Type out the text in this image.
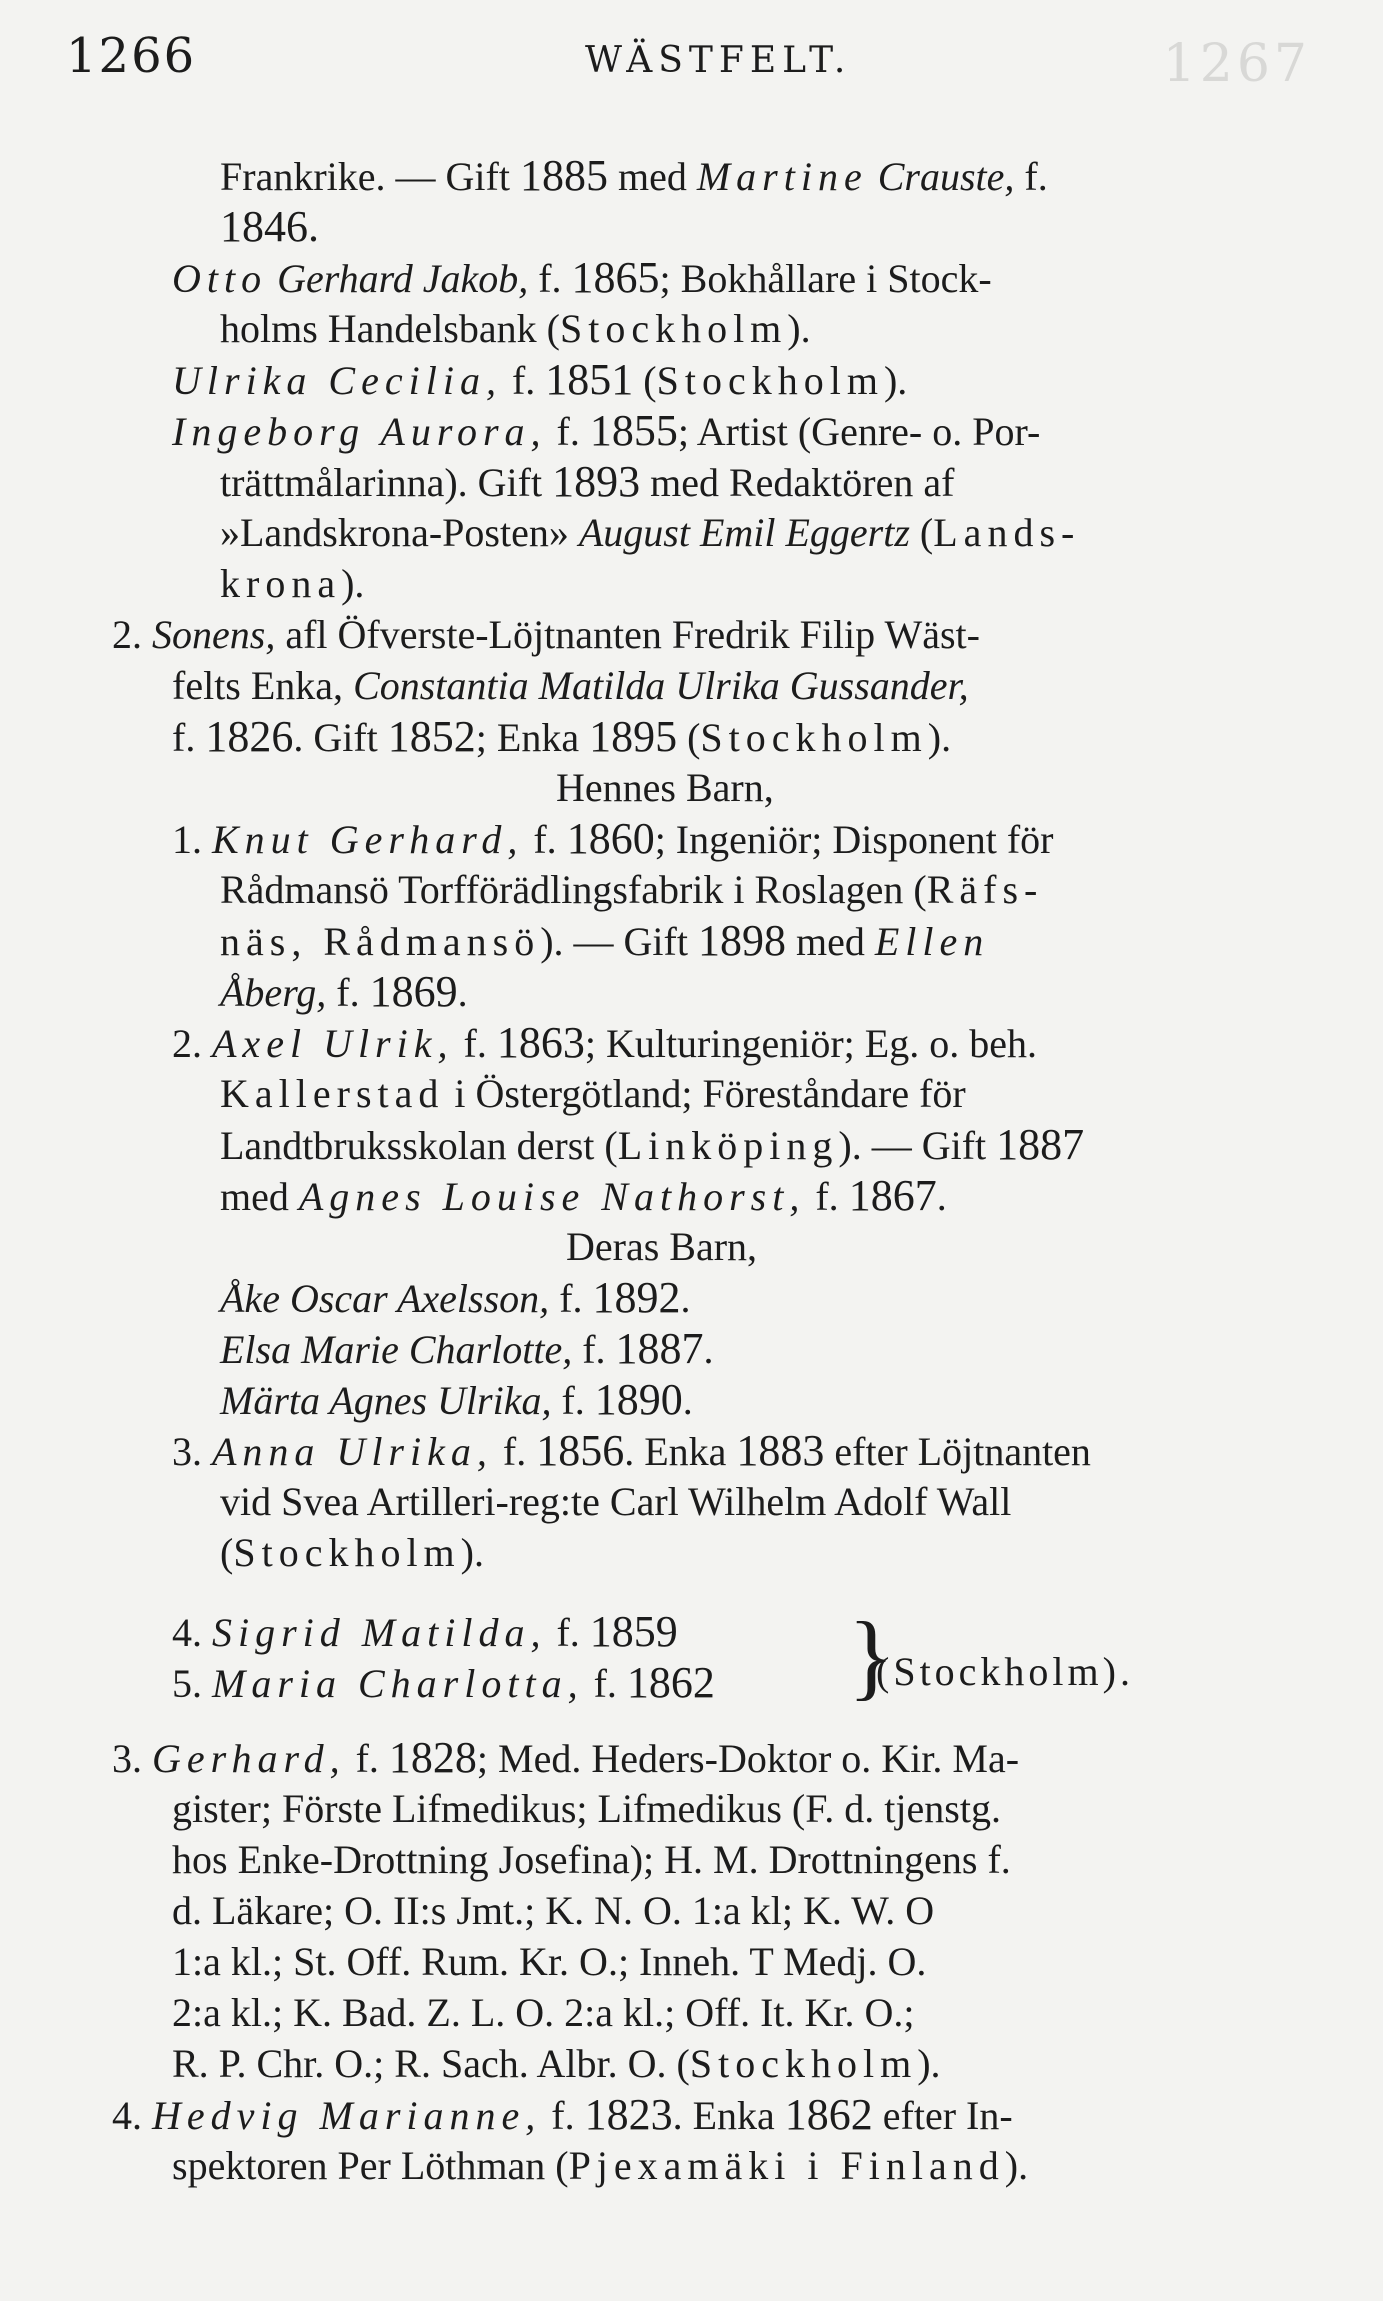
1267
1266	WÄSTFELT.
Frankrike. — Gift 1885 med Martine Crauste, f.
1846.
Otto Gerhard Jakob, f. 1865; Bokhållare i Stock-
holms Handelsbank (Stockholm).
Ulrika Cecilia, f. 1851 (Stockholm).
Ingeborg Aurora, f. 1855; Artist (Genre- o. Por-
trättmålarinna). Gift 1893 med Redaktören af
»Landskrona-Posten» August Emil Eggertz (Lands-
krona).
2. Sonens, afl Öfverste-Löjtnanten Fredrik Filip Wäst-
felts Enka, Constantia Matilda Ulrika Gussander,
f. 1826. Gift 1852; Enka 1895 (Stockholm).
Hennes Barn,
1. Knut Gerhard, f. 1860; Ingeniör; Disponent för
Rådmansö Torfförädlingsfabrik i Roslagen (Räfs-
näs, Rådmansö). — Gift 1898 med Ellen
Åberg, f. 1869.
2. Axel Ulrik, f. 1863; Kulturingeniör; Eg. o. beh.
Kallerstad i Östergötland; Föreståndare för
Landtbruksskolan derst (Linköping). — Gift 1887
med Agnes Louise Nathorst, f. 1867.
Deras Barn,
Åke Oscar Axelsson, f. 1892.
Elsa Marie Charlotte, f. 1887.
Märta Agnes Ulrika, f. 1890.
3. Anna Ulrika, f. 1856. Enka 1883 efter Löjtnanten
vid Svea Artilleri-reg:te Carl Wilhelm Adolf Wall
(Stockholm).
4. Sigrid Matilda, f. 1859
5. Maria Charlotta, f. 1862 }
(Stockholm).
3. Gerhard, f. 1828; Med. Heders-Doktor o. Kir. Ma-
gister; Förste Lifmedikus; Lifmedikus (F. d. tjenstg.
hos Enke-Drottning Josefina); H. M. Drottningens f.
d. Läkare; O. II:s Jmt.; K. N. O. 1:a kl; K. W. O
1:a kl.; St. Off. Rum. Kr. O.; Inneh. T Medj. O.
2:a kl.; K. Bad. Z. L. O. 2:a kl.; Off. It. Kr. O.;
R. P. Chr. O.; R. Sach. Albr. O. (Stockholm).
4. Hedvig Marianne, f. 1823. Enka 1862 efter In-
spektoren Per Löthman (Pjexamäki i Finland).
